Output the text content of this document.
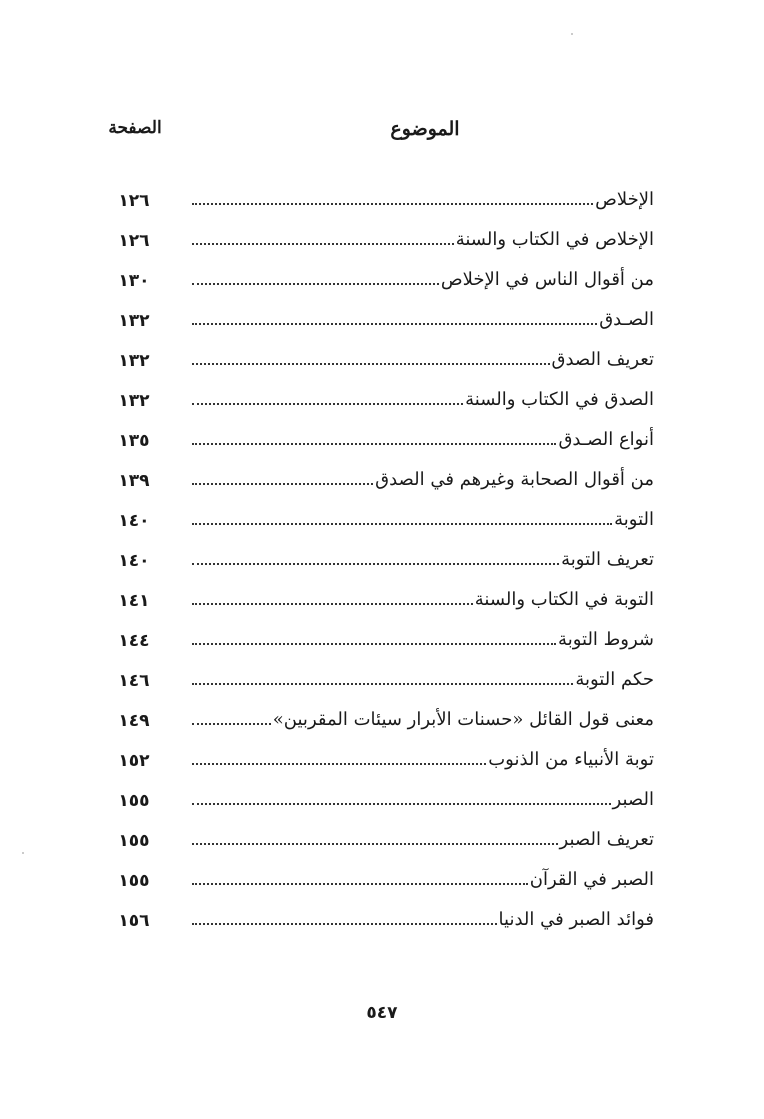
الموضوع
الصفحة
الإخلاص
١٢٦
الإخلاص في الكتاب والسنة
١٢٦
من أقوال الناس في الإخلاص
١٣٠
الصـدق
١٣٢
تعريف الصدق
١٣٢
الصدق في الكتاب والسنة
١٣٢
أنواع الصـدق
١٣٥
من أقوال الصحابة وغيرهم في الصدق
١٣٩
التوبة
١٤٠
تعريف التوبة
١٤٠
التوبة في الكتاب والسنة
١٤١
شروط التوبة
١٤٤
حكم التوبة
١٤٦
معنى قول القائل «حسنات الأبرار سيئات المقربين»
١٤٩
توبة الأنبياء من الذنوب
١٥٢
الصبر
١٥٥
تعريف الصبر
١٥٥
الصبر في القرآن
١٥٥
فوائد الصبر في الدنيا
١٥٦
٥٤٧
